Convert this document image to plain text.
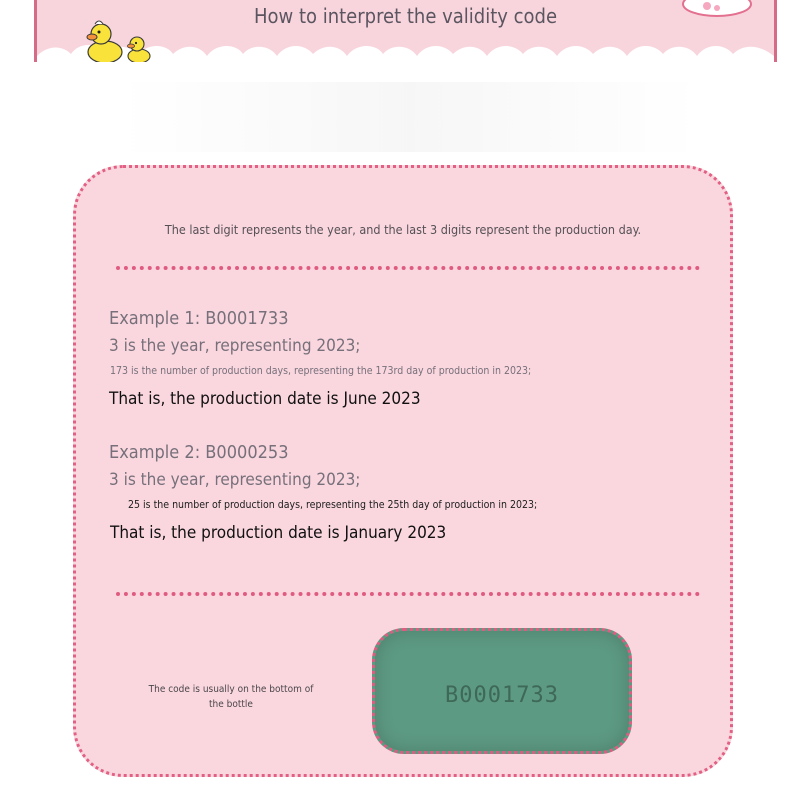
How to interpret the validity code
The last digit represents the year, and the last 3 digits represent the production day.
Example 1: B0001733
3 is the year, representing 2023;
173 is the number of production days, representing the 173rd day of production in 2023;
That is, the production date is June 2023
Example 2: B0000253
3 is the year, representing 2023;
25 is the number of production days, representing the 25th day of production in 2023;
That is, the production date is January 2023
The code is usually on the bottom of the bottle	B0001733
